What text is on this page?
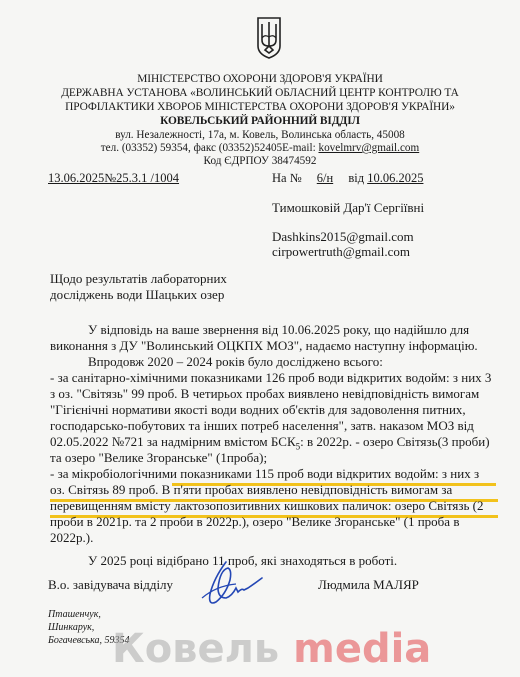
МІНІСТЕРСТВО ОХОРОНИ ЗДОРОВ'Я УКРАЇНИ
ДЕРЖАВНА УСТАНОВА «ВОЛИНСЬКИЙ ОБЛАСНИЙ ЦЕНТР КОНТРОЛЮ ТА
ПРОФІЛАКТИКИ ХВОРОБ МІНІСТЕРСТВА ОХОРОНИ ЗДОРОВ'Я УКРАЇНИ»
КОВЕЛЬСЬКИЙ РАЙОННИЙ ВІДДІЛ
вул. Незалежності, 17а, м. Ковель, Волинська область, 45008
тел. (03352) 59354, факс (03352)52405E-mail: kovelmrv@gmail.com
Код ЄДРПОУ 38474592
13.06.2025№25.3.1 /1004	На № 6/н від 10.06.2025
Тимошковій Дар'ї Сергіївні
Dashkins2015@gmail.com
cirpowertruth@gmail.com
Щодо результатів лабораторних
досліджень води Шацьких озер
У відповідь на ваше звернення від 10.06.2025 року, що надійшло для
виконання з ДУ "Волинський ОЦКПХ МОЗ", надаємо наступну інформацію.
Впродовж 2020 – 2024 років було досліджено всього:
- за санітарно-хімічними показниками 126 проб води відкритих водойм: з них 3
з оз. "Світязь" 99 проб. В четирьох пробах виявлено невідповідність вимогам
"Гігієнічні нормативи якості води водних об'єктів для задоволення питних,
господарсько-побутових та інших потреб населення", затв. наказом МОЗ від
02.05.2022 №721 за надмірним вмістом $БСК_5$: в 2022р. - озеро Світязь(3 проби)
та озеро "Велике Згоранське" (1проба);
- за мікробіологічними показниками 115 проб води відкритих водойм: з них з
оз. Світязь 89 проб. В п'яти пробах виявлено невідповідність вимогам за
перевищенням вмісту лактозопозитивних кишкових паличок: озеро Світязь (2
проби в 2021р. та 2 проби в 2022р.), озеро "Велике Згоранське" (1 проба в
2022р.).
У 2025 році відібрано 11 проб, які знаходяться в роботі.
В.о. завідувача відділу	Людмила МАЛЯР
Пташенчук,
Шинкарук,
Богачевська, 59354
Ковель media
